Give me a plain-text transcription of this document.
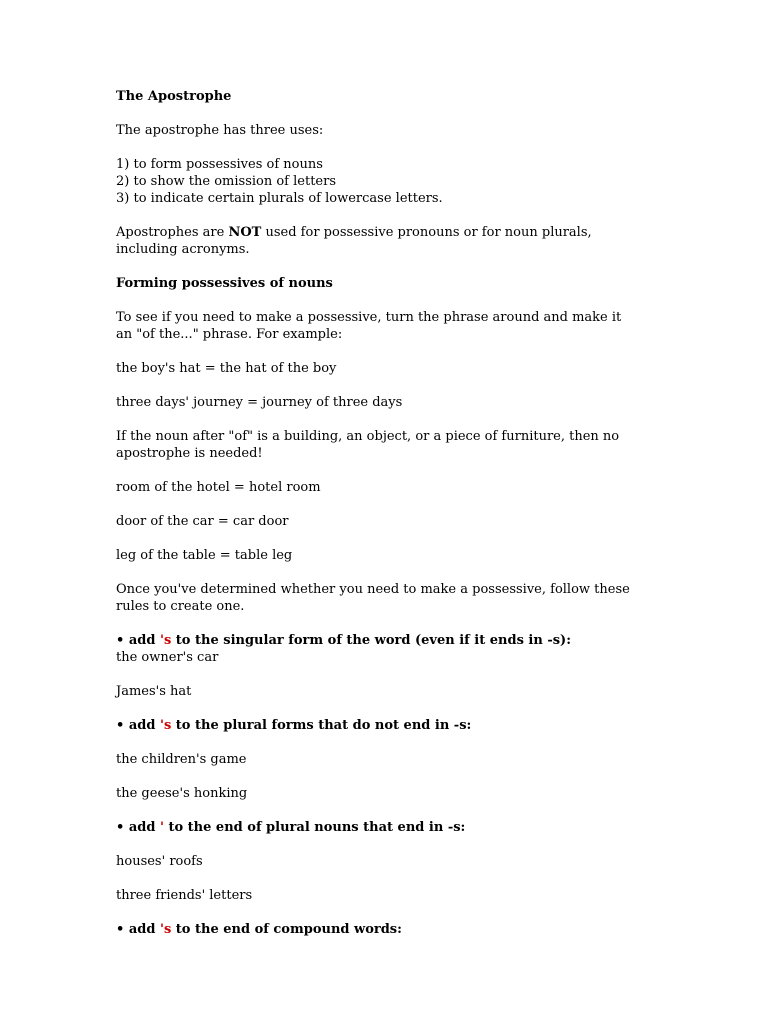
The Apostrophe

The apostrophe has three uses:

1) to form possessives of nouns
2) to show the omission of letters
3) to indicate certain plurals of lowercase letters.

Apostrophes are NOT used for possessive pronouns or for noun plurals, including acronyms.

Forming possessives of nouns

To see if you need to make a possessive, turn the phrase around and make it an "of the..." phrase. For example:

the boy's hat = the hat of the boy

three days' journey = journey of three days

If the noun after "of" is a building, an object, or a piece of furniture, then no apostrophe is needed!

room of the hotel = hotel room

door of the car = car door

leg of the table = table leg

Once you've determined whether you need to make a possessive, follow these rules to create one.

• add 's to the singular form of the word (even if it ends in -s):

the owner's car

James's hat

• add 's to the plural forms that do not end in -s:

the children's game

the geese's honking

• add ' to the end of plural nouns that end in -s:

houses' roofs

three friends' letters

• add 's to the end of compound words:
